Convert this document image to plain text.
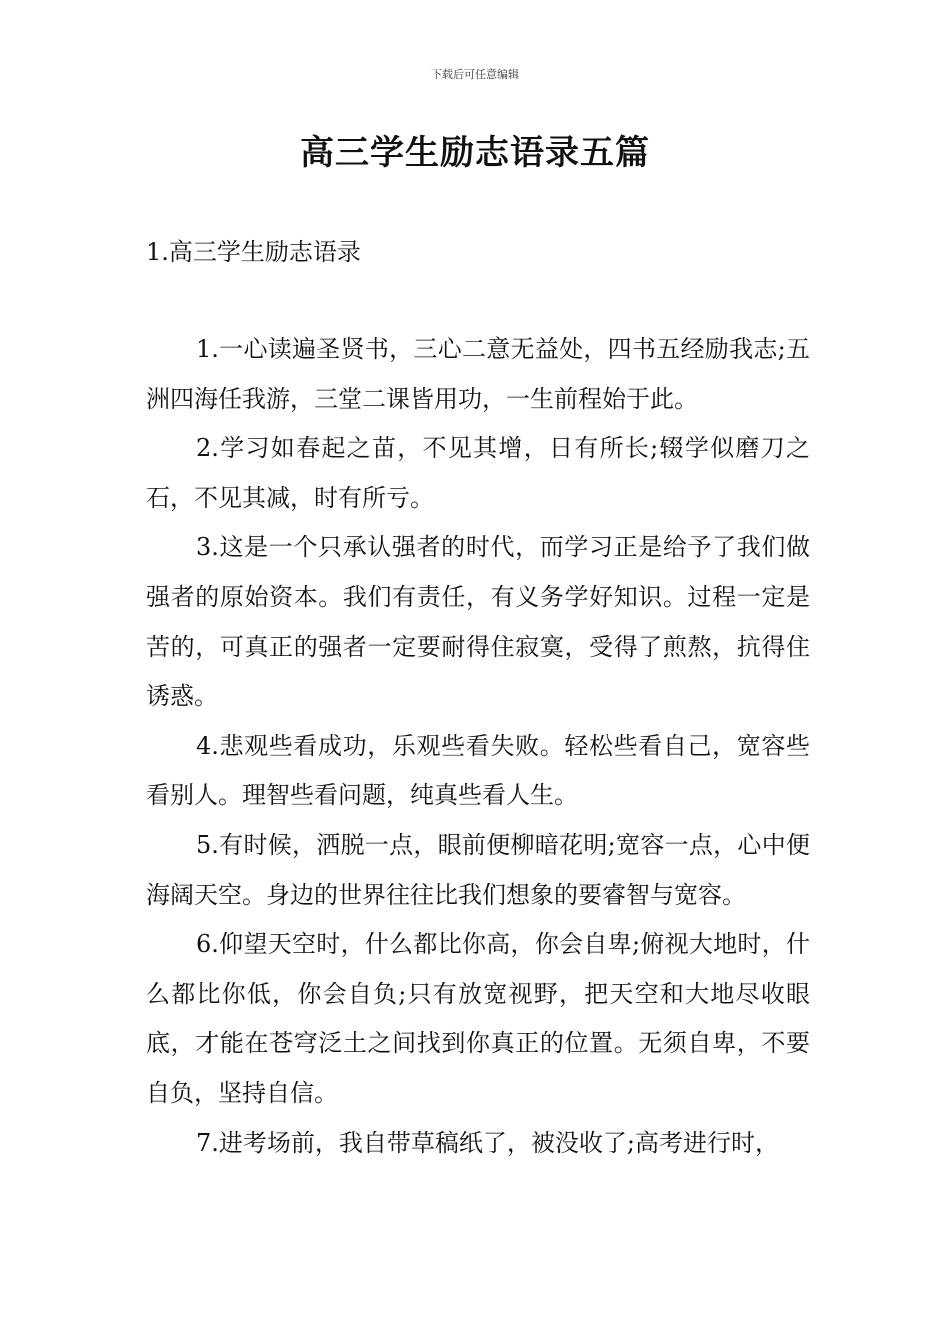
下载后可任意编辑
高三学生励志语录五篇
1.高三学生励志语录

1.一心读遍圣贤书，三心二意无益处，四书五经励我志;五洲四海任我游，三堂二课皆用功，一生前程始于此。

2.学习如春起之苗，不见其增，日有所长;辍学似磨刀之石，不见其减，时有所亏。

3.这是一个只承认强者的时代，而学习正是给予了我们做强者的原始资本。我们有责任，有义务学好知识。过程一定是苦的，可真正的强者一定要耐得住寂寞，受得了煎熬，抗得住诱惑。

4.悲观些看成功，乐观些看失败。轻松些看自己，宽容些看别人。理智些看问题，纯真些看人生。

5.有时候，洒脱一点，眼前便柳暗花明;宽容一点，心中便海阔天空。身边的世界往往比我们想象的要睿智与宽容。

6.仰望天空时，什么都比你高，你会自卑;俯视大地时，什么都比你低，你会自负;只有放宽视野，把天空和大地尽收眼底，才能在苍穹泛土之间找到你真正的位置。无须自卑，不要自负，坚持自信。

7.进考场前，我自带草稿纸了，被没收了;高考进行时，
